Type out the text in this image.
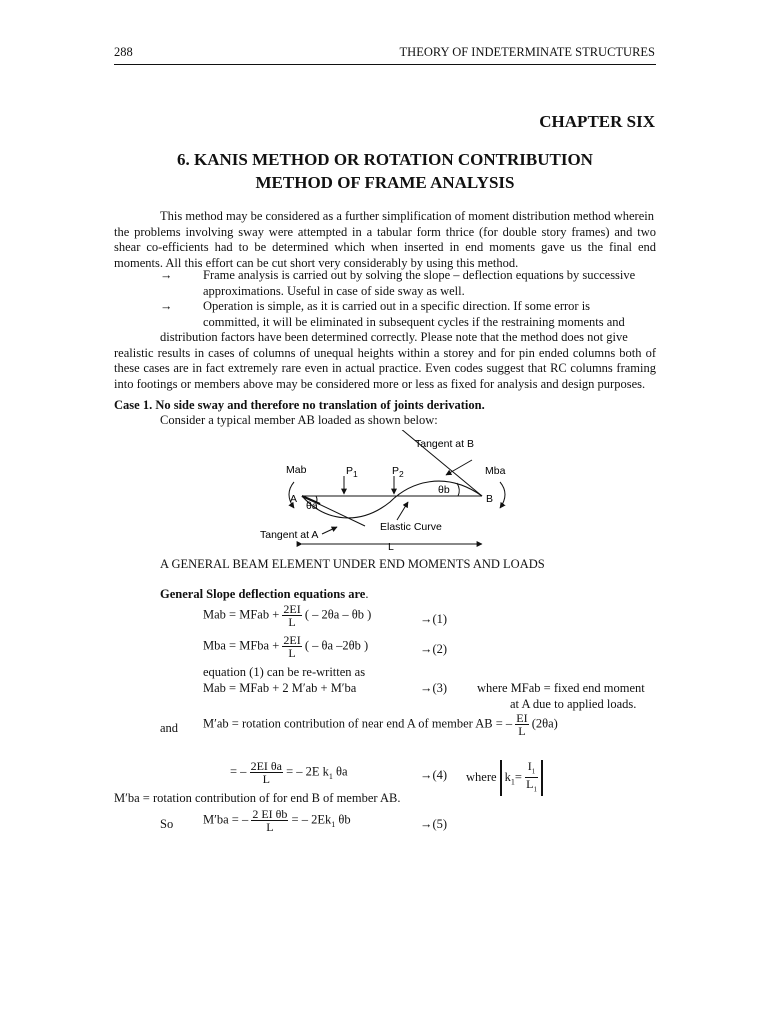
288	THEORY OF INDETERMINATE STRUCTURES
CHAPTER SIX
6. KANIS METHOD OR ROTATION CONTRIBUTION
METHOD OF FRAME ANALYSIS
This method may be considered as a further simplification of moment distribution method wherein
the problems involving sway were attempted in a tabular form thrice (for double story frames) and two shear co-efficients had to be determined which when inserted in end moments gave us the final end moments. All this effort can be cut short very considerably by using this method.
→ Frame analysis is carried out by solving the slope – deflection equations by successive
approximations. Useful in case of side sway as well.
→ Operation is simple, as it is carried out in a specific direction. If some error is
committed, it will be eliminated in subsequent cycles if the restraining moments and
distribution factors have been determined correctly. Please note that the method does not give
realistic results in cases of columns of unequal heights within a storey and for pin ended columns both of these cases are in fact extremely rare even in actual practice. Even codes suggest that RC columns framing into footings or members above may be considered more or less as fixed for analysis and design purposes.
Case 1. No side sway and therefore no translation of joints derivation.
Consider a typical member AB loaded as shown below:
Tangent at B
Mab	Mba
$P_1$	$P_2$
θb
θa
A	B
Elastic Curve
Tangent at A
L
A GENERAL BEAM ELEMENT UNDER END MOMENTS AND LOADS
General Slope deflection equations are.
Mab = MFab + $\frac{2EI}{L}$ ( – 2θa – θb )	→(1)
Mba = MFba + $\frac{2EI}{L}$ ( – θa –2θb )	→(2)
equation (1) can be re-written as
Mab = MFab + 2 M′ab + M′ba	→(3) where MFab = fixed end moment
at A due to applied loads.
and M′ab = rotation contribution of near end A of member AB = – $\frac{EI}{L} (2\theta a)$
= – $\frac{\text{2EI θa}}{L}$ = – 2E $k_1$ θa	→(4) where $k_1= \frac{I_1}{L_1}$
M′ba = rotation contribution of for end B of member AB.
So M′ba = – $\frac{\text{2 EI θb}}{L}$ = – $2Ek_1$ θb	→(5)
